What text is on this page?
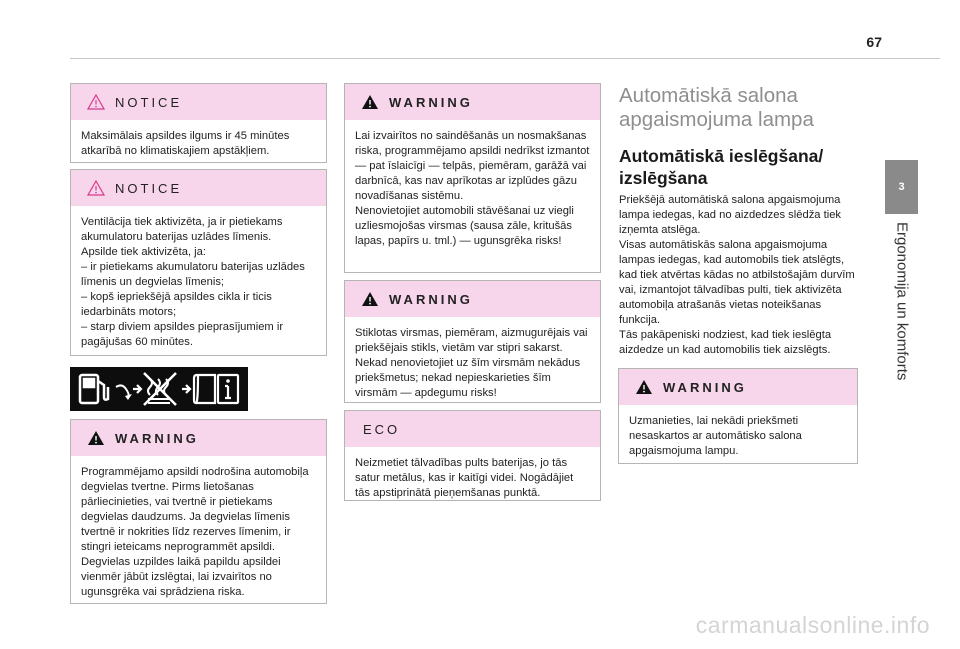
67
NOTICE

Maksimālais apsildes ilgums ir 45 minūtes atkarībā no klimatiskajiem apstākļiem.

NOTICE

Ventilācija tiek aktivizēta, ja ir pietiekams akumulatoru baterijas uzlādes līmenis.

Apsilde tiek aktivizēta, ja:

– ir pietiekams akumulatoru baterijas uzlādes līmenis un degvielas līmenis;

– kopš iepriekšējā apsildes cikla ir ticis iedarbināts motors;

– starp diviem apsildes pieprasījumiem ir pagājušas 60 minūtes.

WARNING

Programmējamo apsildi nodrošina automobiļa degvielas tvertne. Pirms lietošanas pārliecinieties, vai tvertnē ir pietiekams degvielas daudzums. Ja degvielas līmenis tvertnē ir nokrities līdz rezerves līmenim, ir stingri ieteicams neprogrammēt apsildi. Degvielas uzpildes laikā papildu apsildei vienmēr jābūt izslēgtai, lai izvairītos no ugunsgrēka vai sprādziena riska.

WARNING

Lai izvairītos no saindēšanās un nosmakšanas riska, programmējamo apsildi nedrīkst izmantot — pat īslaicīgi — telpās, piemēram, garāžā vai darbnīcā, kas nav aprīkotas ar izplūdes gāzu novadīšanas sistēmu.

Nenovietojiet automobili stāvēšanai uz viegli uzliesmojošas virsmas (sausa zāle, kritušās lapas, papīrs u. tml.) — ugunsgrēka risks!

WARNING

Stiklotas virsmas, piemēram, aizmugurējais vai priekšējais stikls, vietām var stipri sakarst. Nekad nenovietojiet uz šīm virsmām nekādus priekšmetus; nekad nepieskarieties šīm virsmām — apdegumu risks!

ECO

Neizmetiet tālvadības pults baterijas, jo tās satur metālus, kas ir kaitīgi videi. Nogādājiet tās apstiprinātā pieņemšanas punktā.

Automātiskā salona apgaismojuma lampa
Automātiskā ieslēgšana/ izslēgšana

Priekšējā automātiskā salona apgaismojuma lampa iedegas, kad no aizdedzes slēdža tiek izņemta atslēga.

Visas automātiskās salona apgaismojuma lampas iedegas, kad automobils tiek atslēgts, kad tiek atvērtas kādas no atbilstošajām durvīm vai, izmantojot tālvadības pulti, tiek aktivizēta automobiļa atrašanās vietas noteikšanas funkcija.

Tās pakāpeniski nodziest, kad tiek ieslēgta aizdedze un kad automobilis tiek aizslēgts.

WARNING

Uzmanieties, lai nekādi priekšmeti nesaskartos ar automātisko salona apgaismojuma lampu.

3
Ergonomija un komforts
carmanualsonline.info
